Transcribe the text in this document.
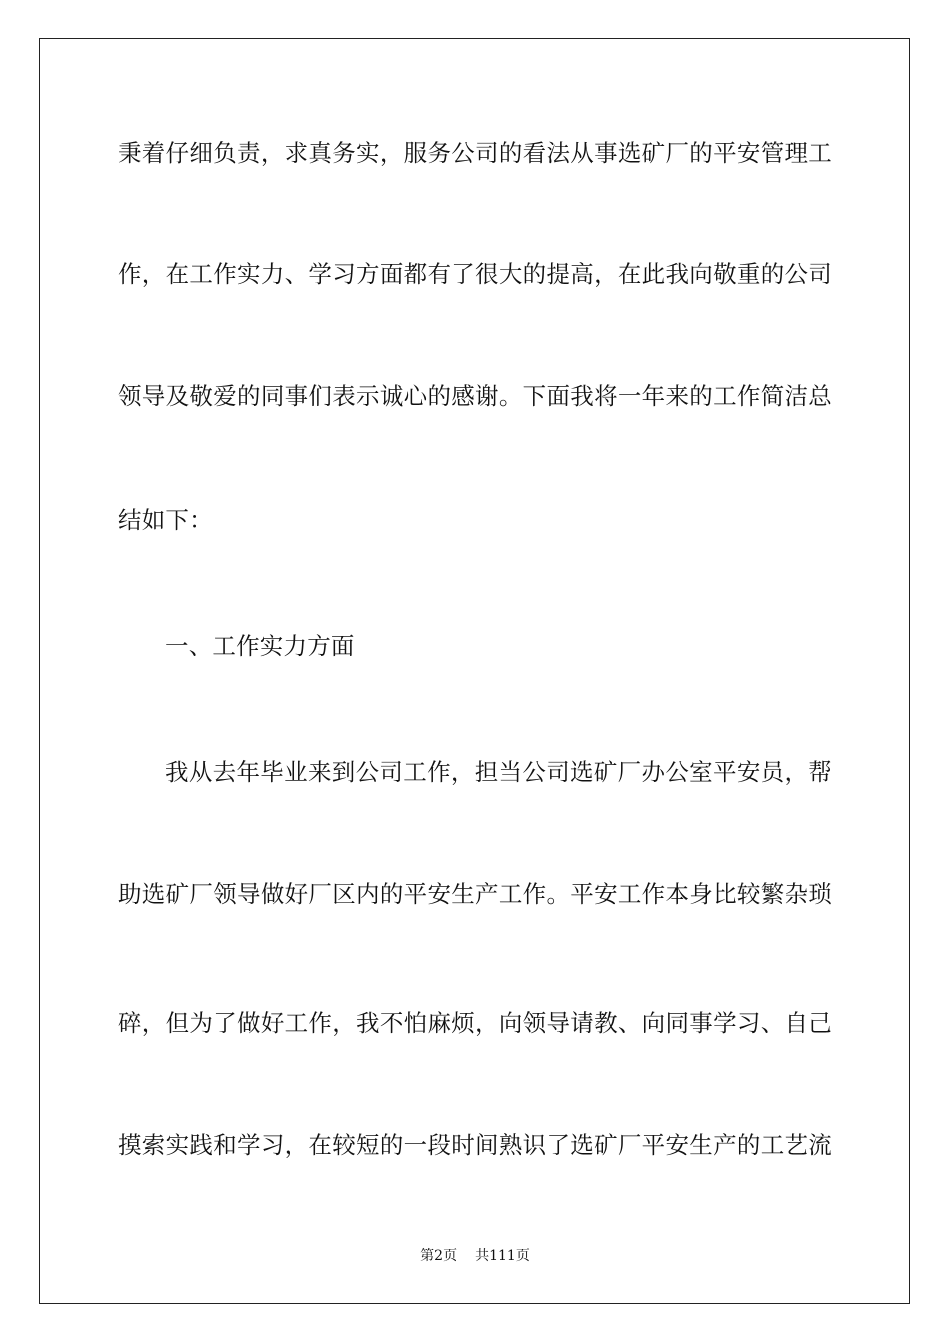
秉着仔细负责，求真务实，服务公司的看法从事选矿厂的平安管理工
作，在工作实力、学习方面都有了很大的提高，在此我向敬重的公司
领导及敬爱的同事们表示诚心的感谢。下面我将一年来的工作简洁总
结如下：
一、工作实力方面
我从去年毕业来到公司工作，担当公司选矿厂办公室平安员，帮
助选矿厂领导做好厂区内的平安生产工作。平安工作本身比较繁杂琐
碎，但为了做好工作，我不怕麻烦，向领导请教、向同事学习、自己
摸索实践和学习，在较短的一段时间熟识了选矿厂平安生产的工艺流
第2页 共111页
